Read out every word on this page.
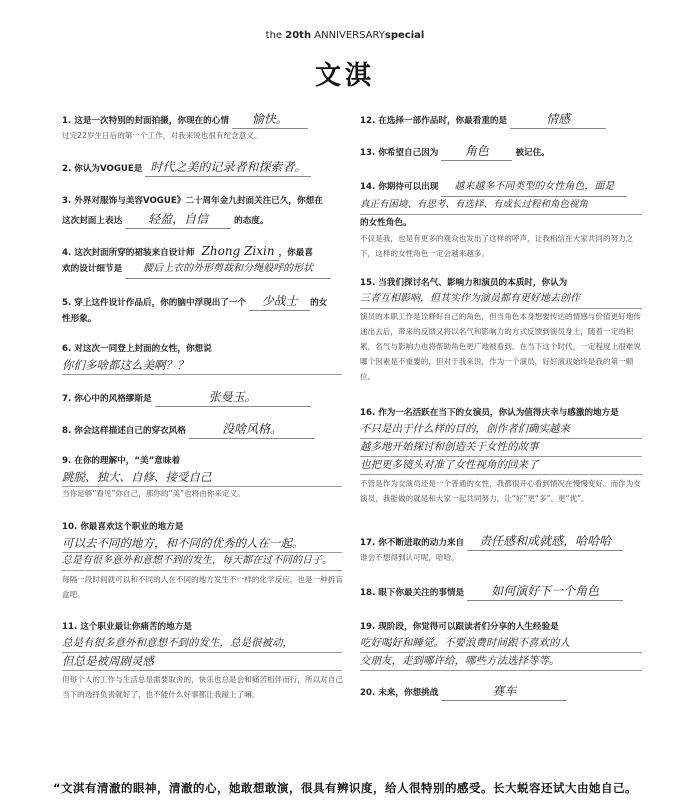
the 20th ANNIVERSARYspecial
文淇
1. 这是一次特别的封面拍摄，你现在的心情 愉快。
过完22岁生日后的第一个工作，对我来说也很有纪念意义。
2. 你认为VOGUE是 时代之美的记录者和探索者。
3. 外界对服饰与美容VOGUE》二十周年金九封面关注已久，你想在
这次封面上表达 轻盈，自信	的态度。
4. 这次封面所穿的裙装来自设计师 Zhong Zixin ，你最喜
欢的设计细节是 腰后上衣的外形剪裁和分绳般呼的形状
5. 穿上这件设计作品后，你的脑中浮现出了一个 少战士 的女
性形象。
6. 对这次一同登上封面的女性，你想说
你们多啥都这么美啊？？
7. 你心中的风格缪斯是	张曼玉。
8. 你会这样描述自己的穿衣风格	没啥风格。
9. 在你的理解中，“美”意味着
跳脱、独大、自修、接受自己
当你足够“看见”你自己，那你的“美”也将由你来定义。
10. 你最喜欢这个职业的地方是
可以去不同的地方，和不同的优秀的人在一起。
总是有很多意外和意想不到的发生，每天都在过不同的日子。
每隔一段时间就可以和不同的人在不同的地方发生不一样的化学反应，也是一种拆盲盒吧。
11. 这个职业最让你痛苦的地方是
总是有很多意外和意想不到的发生，总是很被动，
但总是被周剧灵感
但每个人的工作与生活总是需要取舍的，快乐也总是会和痛苦相伴而行，所以对自己当下的选择负责就好了，也不能什么好事都让我碰上了嘛。
12. 在选择一部作品时，你最看重的是	情感
13. 你希望自己因为 角色	被记住。
14. 你期待可以出现 越来越多不同类型的女性角色，面是
真正有困境、有思考、有选择、有成长过程和角色视角
的女性角色。
不仅是我，也是有更多的观众也发出了这样的呼声，让我相信在大家共同的努力之下，这样的女性角色一定会越来越多。
15. 当我们探讨名气、影响力和演员的本质时，你认为
三者互相影响，但其实作为演员都有更好地去创作
演员的本职工作是诠释好自己的角色，但当角色本身想要传达的情感与价值更好地传递出去后，带来的反馈又将以名气和影响力的方式反馈到演员身上，随着一定的积累，名气与影响力也将帮助角色更广地被看到。在当下这个时代，一定程度上很难说哪个因素是不重要的，但对于我来说，作为一个演员，好好演戏始终是我的第一顺位。
16. 作为一名活跃在当下的女演员，你认为值得庆幸与感激的地方是
不只是出于什么样的目的，创作者们确实越来
越多地开始探讨和创造关于女性的故事
也把更多镜头对准了女性视角的回来了
不管是作为女演员还是一个普通的女性，我都很开心看到情况在慢慢变好。而作为女演员，我能做的就是和大家一起共同努力，让“好”更“多”、更“优”。
17. 你不断进取的动力来自 责任感和成就感，哈哈哈
谁会不想得到认可呢，哈哈。
18. 眼下你最关注的事情是 如何演好下一个角色
19. 现阶段，你觉得可以跟读者们分享的人生经验是
吃好喝好和睡觉。不要浪费时间跟不喜欢的人
交朋友，走到哪许给，哪些方法选择等等。
20. 未来，你想挑战	赛车
“文淇有清澈的眼神，清澈的心，她敢想敢演，很具有辨识度，给人很特别的感受。长大蜕容还试大由她自己。
